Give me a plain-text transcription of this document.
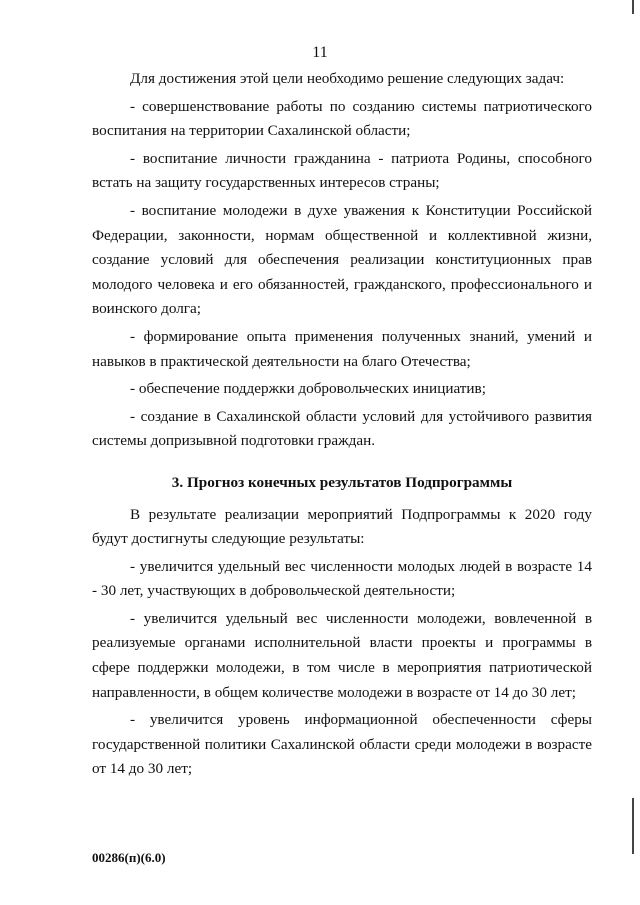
11

Для достижения этой цели необходимо решение следующих задач:

- совершенствование работы по созданию системы патриотического воспитания на территории Сахалинской области;

- воспитание личности гражданина - патриота Родины, способного встать на защиту государственных интересов страны;

- воспитание молодежи в духе уважения к Конституции Российской Федерации, законности, нормам общественной и коллективной жизни, создание условий для обеспечения реализации конституционных прав молодого человека и его обязанностей, гражданского, профессионального и воинского долга;

- формирование опыта применения полученных знаний, умений и навыков в практической деятельности на благо Отечества;

- обеспечение поддержки добровольческих инициатив;

- создание в Сахалинской области условий для устойчивого развития системы допризывной подготовки граждан.

3. Прогноз конечных результатов Подпрограммы

В результате реализации мероприятий Подпрограммы к 2020 году будут достигнуты следующие результаты:

- увеличится удельный вес численности молодых людей в возрасте 14 - 30 лет, участвующих в добровольческой деятельности;

- увеличится удельный вес численности молодежи, вовлеченной в реализуемые органами исполнительной власти проекты и программы в сфере поддержки молодежи, в том числе в мероприятия патриотической направленности, в общем количестве молодежи в возрасте от 14 до 30 лет;

- увеличится уровень информационной обеспеченности сферы государственной политики Сахалинской области среди молодежи в возрасте от 14 до 30 лет;

00286(п)(6.0)
